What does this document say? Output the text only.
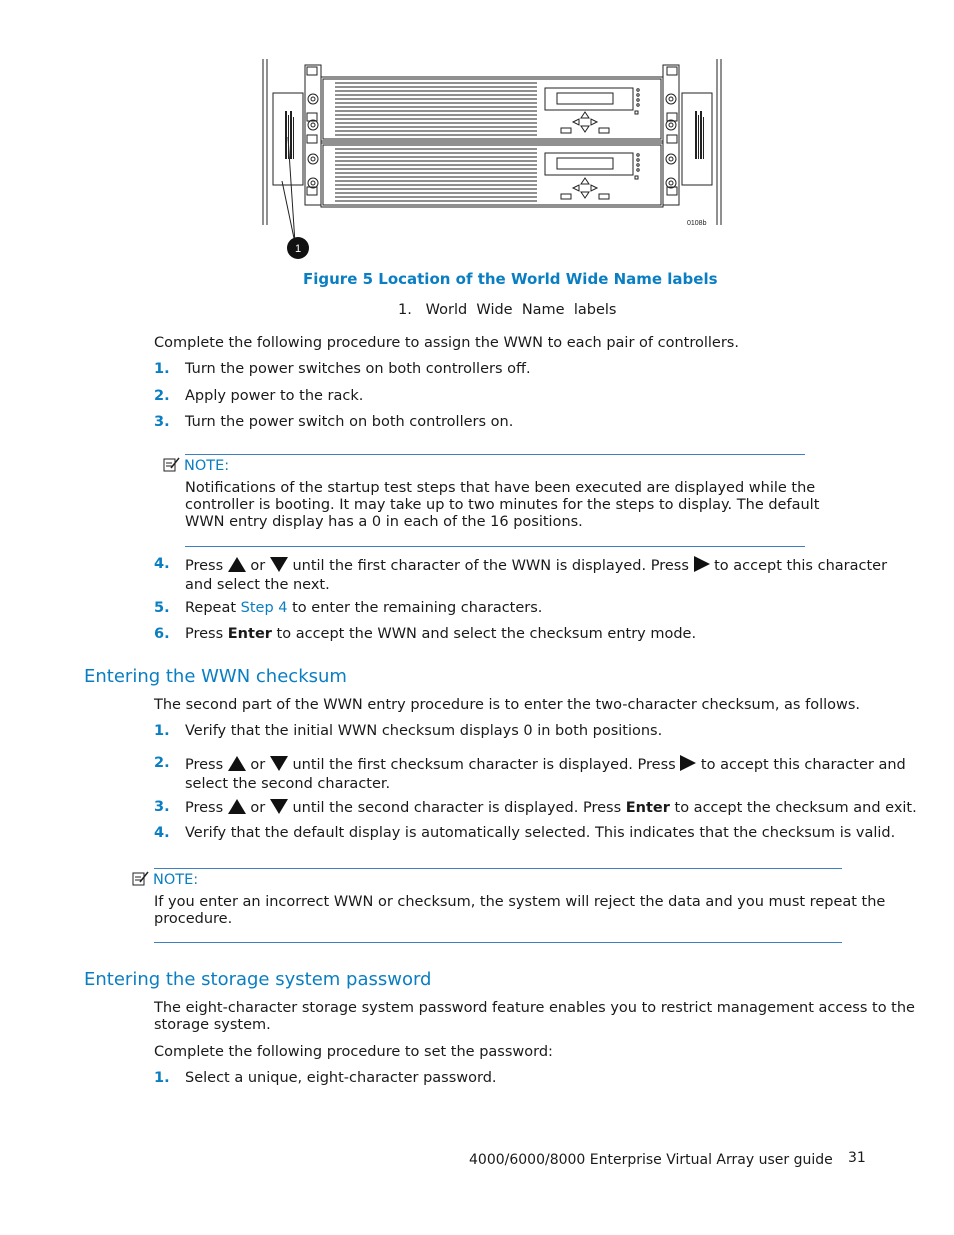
1
0108b
Figure 5 Location of the World Wide Name labels
1.   World  Wide  Name  labels
Complete the following procedure to assign the WWN to each pair of controllers.
1. Turn the power switches on both controllers off.
2. Apply power to the rack.
3. Turn the power switch on both controllers on.
NOTE:
Notifications of the startup test steps that have been executed are displayed while the
controller is booting. It may take up to two minutes for the steps to display. The default
WWN entry display has a 0 in each of the 16 positions.
4. Press or until the first character of the WWN is displayed. Press to accept this character
and select the next.
5. Repeat Step 4 to enter the remaining characters.
6. Press Enter to accept the WWN and select the checksum entry mode.
Entering the WWN checksum
The second part of the WWN entry procedure is to enter the two-character checksum, as follows.
1. Verify that the initial WWN checksum displays 0 in both positions.
2. Press or until the first checksum character is displayed. Press to accept this character and
select the second character.
3. Press or until the second character is displayed. Press Enter to accept the checksum and exit.
4. Verify that the default display is automatically selected. This indicates that the checksum is valid.
NOTE:
If you enter an incorrect WWN or checksum, the system will reject the data and you must repeat the
procedure.
Entering the storage system password
The eight-character storage system password feature enables you to restrict management access to the
storage system.
Complete the following procedure to set the password:
1. Select a unique, eight-character password.
4000/6000/8000 Enterprise Virtual Array user guide 31
